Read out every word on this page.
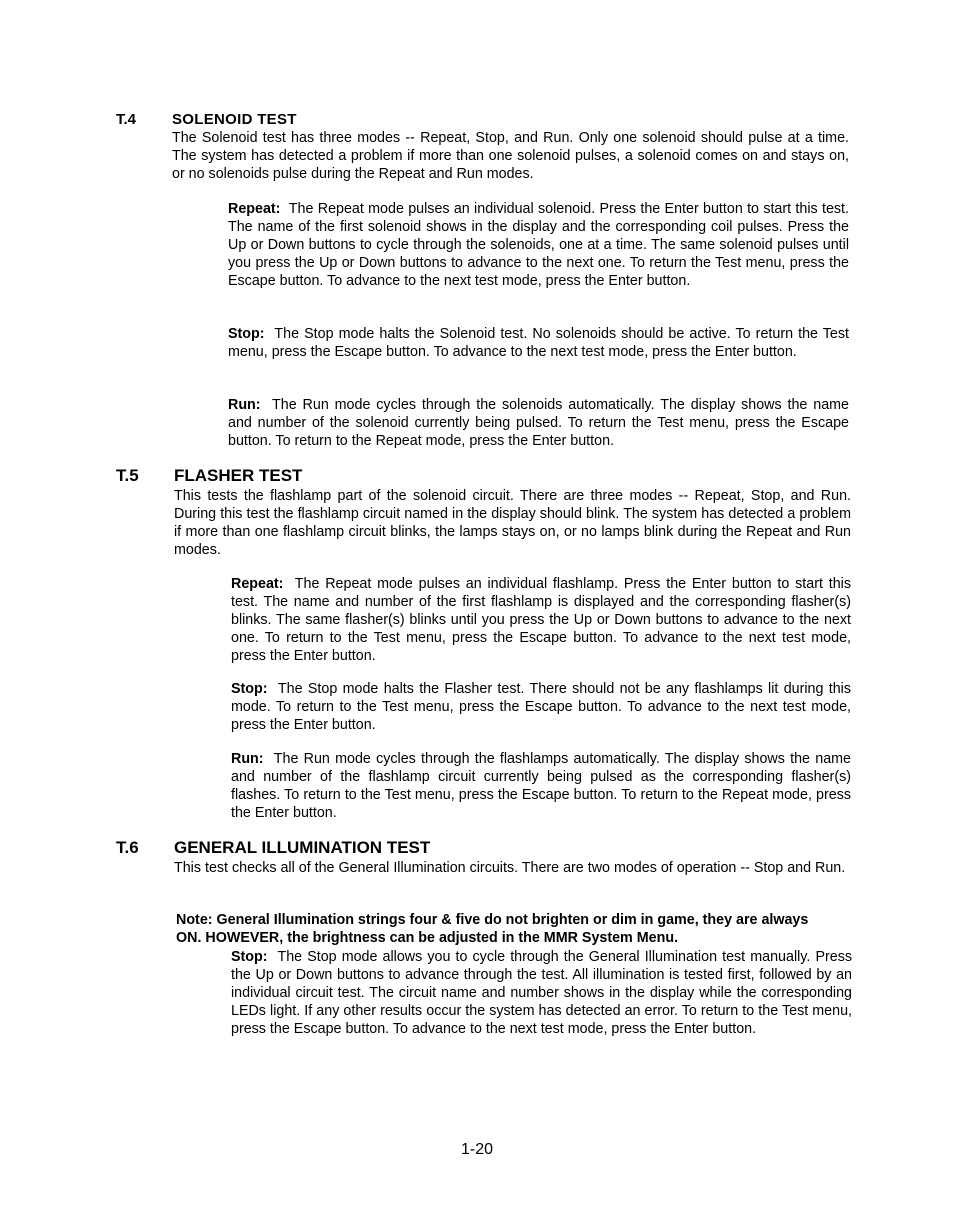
T.4 SOLENOID TEST

The Solenoid test has three modes -- Repeat, Stop, and Run. Only one solenoid should pulse at a time. The system has detected a problem if more than one solenoid pulses, a solenoid comes on and stays on, or no solenoids pulse during the Repeat and Run modes.

Repeat: The Repeat mode pulses an individual solenoid. Press the Enter button to start this test. The name of the first solenoid shows in the display and the corresponding coil pulses. Press the Up or Down buttons to cycle through the solenoids, one at a time. The same solenoid pulses until you press the Up or Down buttons to advance to the next one. To return the Test menu, press the Escape button. To advance to the next test mode, press the Enter button.

Stop: The Stop mode halts the Solenoid test. No solenoids should be active. To return the Test menu, press the Escape button. To advance to the next test mode, press the Enter button.

Run: The Run mode cycles through the solenoids automatically. The display shows the name and number of the solenoid currently being pulsed. To return the Test menu, press the Escape button. To return to the Repeat mode, press the Enter button.

T.5 FLASHER TEST

This tests the flashlamp part of the solenoid circuit. There are three modes -- Repeat, Stop, and Run. During this test the flashlamp circuit named in the display should blink. The system has detected a problem if more than one flashlamp circuit blinks, the lamps stays on, or no lamps blink during the Repeat and Run modes.

Repeat: The Repeat mode pulses an individual flashlamp. Press the Enter button to start this test. The name and number of the first flashlamp is displayed and the corresponding flasher(s) blinks. The same flasher(s) blinks until you press the Up or Down buttons to advance to the next one. To return to the Test menu, press the Escape button. To advance to the next test mode, press the Enter button.

Stop: The Stop mode halts the Flasher test. There should not be any flashlamps lit during this mode. To return to the Test menu, press the Escape button. To advance to the next test mode, press the Enter button.

Run: The Run mode cycles through the flashlamps automatically. The display shows the name and number of the flashlamp circuit currently being pulsed as the corresponding flasher(s) flashes. To return to the Test menu, press the Escape button. To return to the Repeat mode, press the Enter button.

T.6 GENERAL ILLUMINATION TEST

This test checks all of the General Illumination circuits. There are two modes of operation -- Stop and Run.

Note: General Illumination strings four & five do not brighten or dim in game, they are always ON. HOWEVER, the brightness can be adjusted in the MMR System Menu.

Stop: The Stop mode allows you to cycle through the General Illumination test manually. Press the Up or Down buttons to advance through the test. All illumination is tested first, followed by an individual circuit test. The circuit name and number shows in the display while the corresponding LEDs light. If any other results occur the system has detected an error. To return to the Test menu, press the Escape button. To advance to the next test mode, press the Enter button.

1-20
